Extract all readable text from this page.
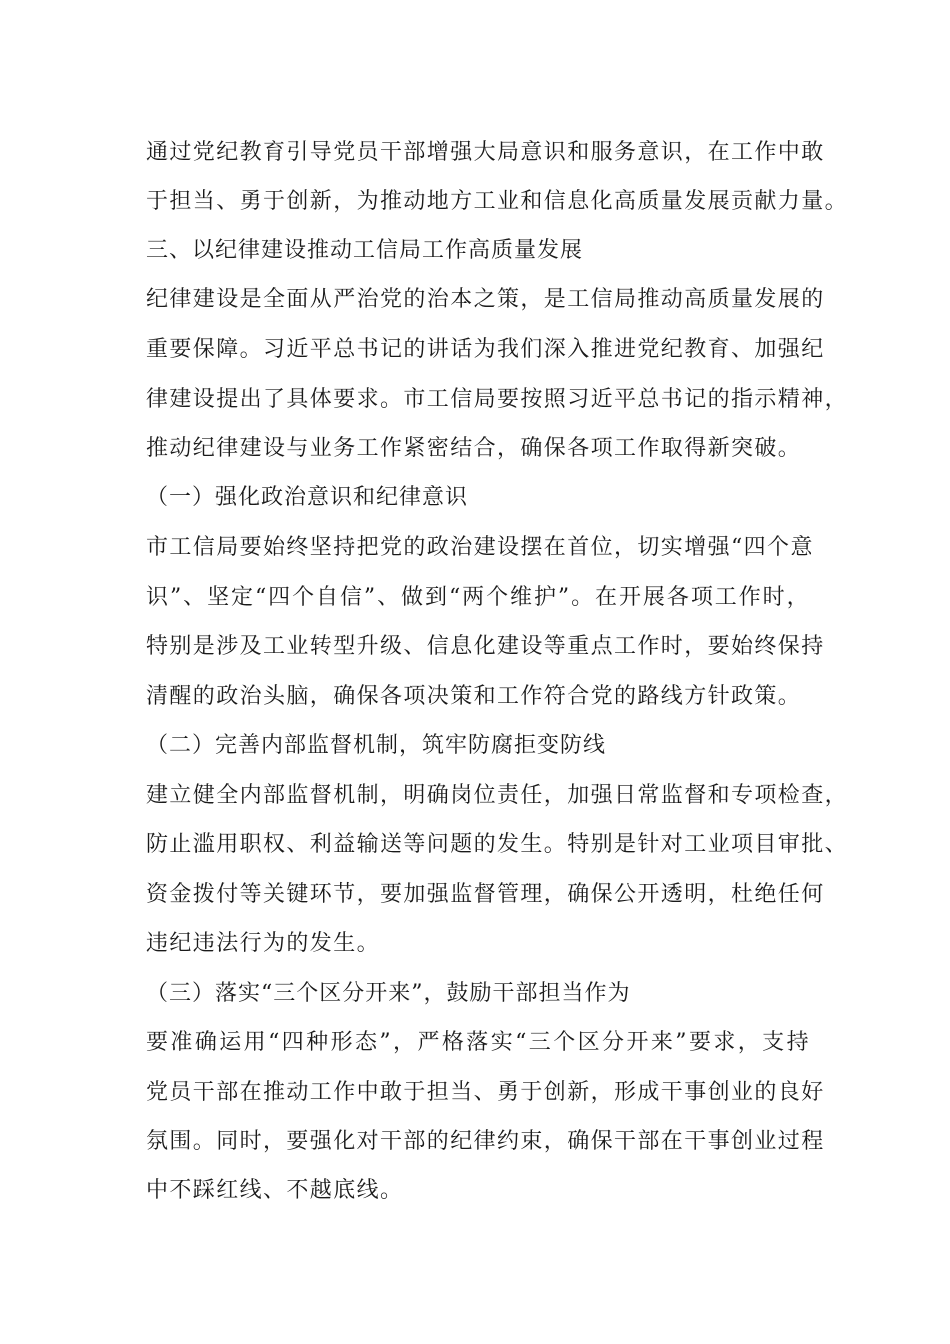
通过党纪教育引导党员干部增强大局意识和服务意识，在工作中敢
于担当、勇于创新，为推动地方工业和信息化高质量发展贡献力量。
三、以纪律建设推动工信局工作高质量发展
纪律建设是全面从严治党的治本之策，是工信局推动高质量发展的
重要保障。习近平总书记的讲话为我们深入推进党纪教育、加强纪
律建设提出了具体要求。市工信局要按照习近平总书记的指示精神，
推动纪律建设与业务工作紧密结合，确保各项工作取得新突破。
（一）强化政治意识和纪律意识
市工信局要始终坚持把党的政治建设摆在首位，切实增强“四个意
识”、坚定“四个自信”、做到“两个维护”。在开展各项工作时，
特别是涉及工业转型升级、信息化建设等重点工作时，要始终保持
清醒的政治头脑，确保各项决策和工作符合党的路线方针政策。
（二）完善内部监督机制，筑牢防腐拒变防线
建立健全内部监督机制，明确岗位责任，加强日常监督和专项检查，
防止滥用职权、利益输送等问题的发生。特别是针对工业项目审批、
资金拨付等关键环节，要加强监督管理，确保公开透明，杜绝任何
违纪违法行为的发生。
（三）落实“三个区分开来”，鼓励干部担当作为
要准确运用“四种形态”，严格落实“三个区分开来”要求，支持
党员干部在推动工作中敢于担当、勇于创新，形成干事创业的良好
氛围。同时，要强化对干部的纪律约束，确保干部在干事创业过程
中不踩红线、不越底线。
